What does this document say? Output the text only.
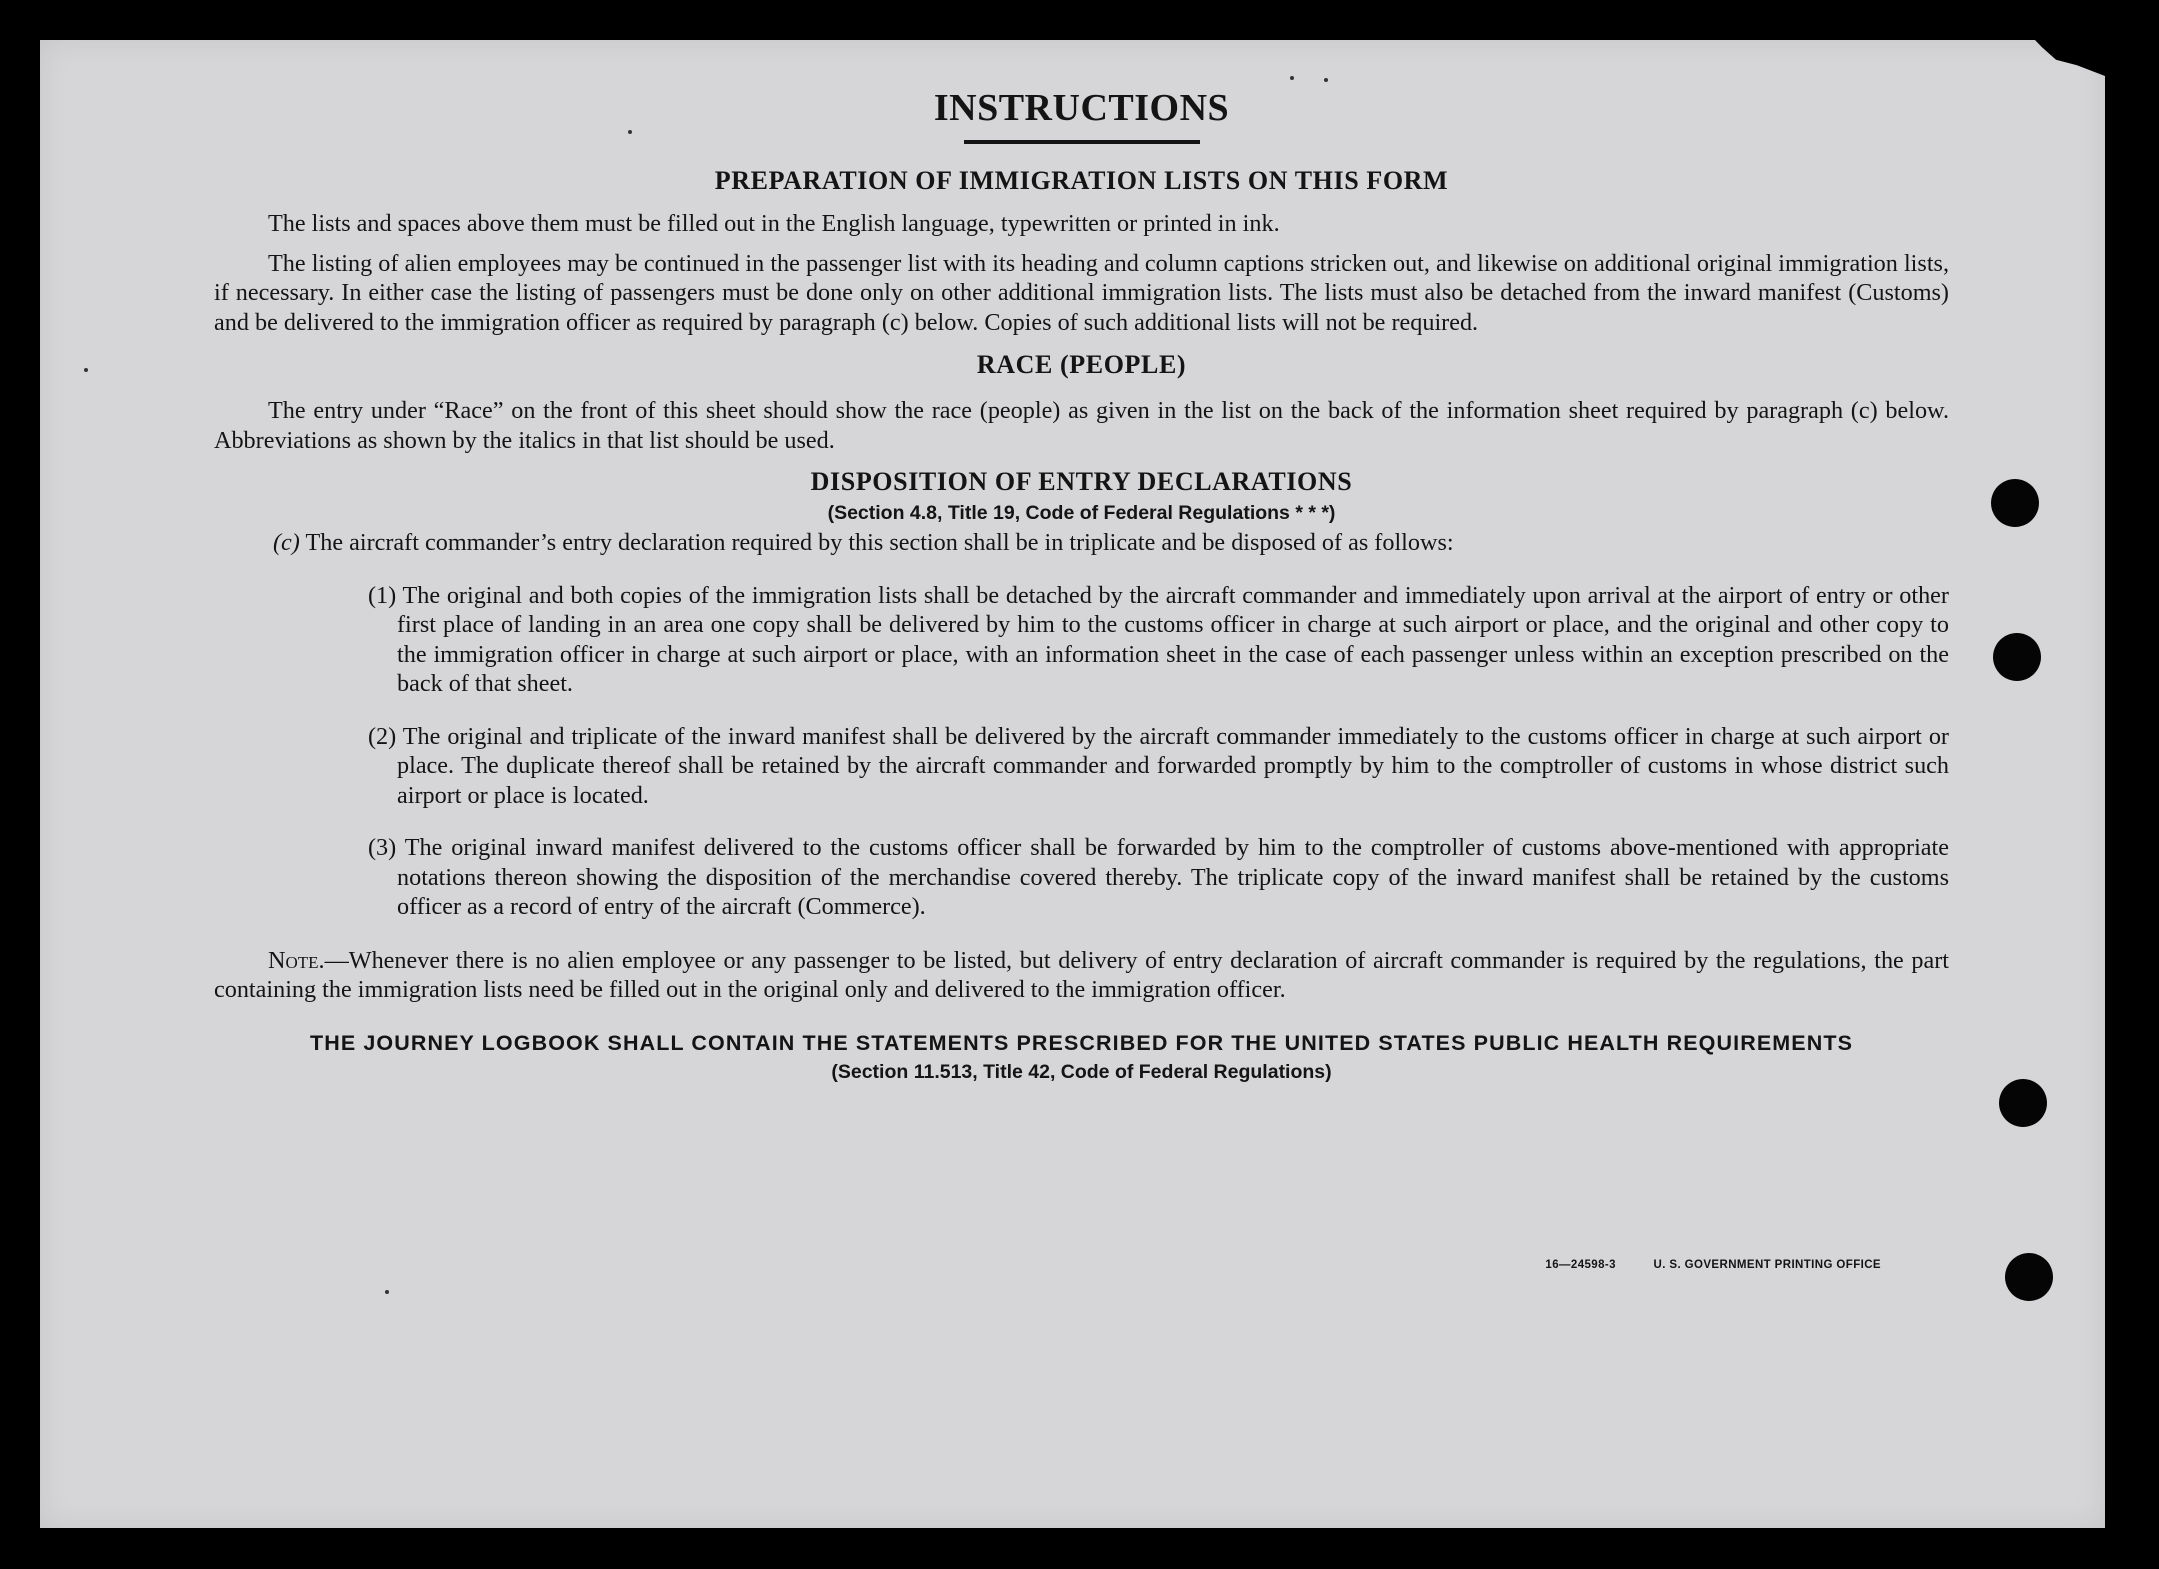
INSTRUCTIONS
PREPARATION OF IMMIGRATION LISTS ON THIS FORM

The lists and spaces above them must be filled out in the English language, typewritten or printed in ink.

The listing of alien employees may be continued in the passenger list with its heading and column captions stricken out, and likewise on additional original immigration lists, if necessary. In either case the listing of passengers must be done only on other additional immigration lists. The lists must also be detached from the inward manifest (Customs) and be delivered to the immigration officer as required by paragraph (c) below. Copies of such additional lists will not be required.

RACE (PEOPLE)

The entry under “Race” on the front of this sheet should show the race (people) as given in the list on the back of the information sheet required by paragraph (c) below. Abbreviations as shown by the italics in that list should be used.

DISPOSITION OF ENTRY DECLARATIONS

(Section 4.8, Title 19, Code of Federal Regulations * * *)

(c) The aircraft commander’s entry declaration required by this section shall be in triplicate and be disposed of as follows:

(1) The original and both copies of the immigration lists shall be detached by the aircraft commander and immediately upon arrival at the airport of entry or other first place of landing in an area one copy shall be delivered by him to the customs officer in charge at such airport or place, and the original and other copy to the immigration officer in charge at such airport or place, with an information sheet in the case of each passenger unless within an exception prescribed on the back of that sheet.

(2) The original and triplicate of the inward manifest shall be delivered by the aircraft commander immediately to the customs officer in charge at such airport or place. The duplicate thereof shall be retained by the aircraft commander and forwarded promptly by him to the comptroller of customs in whose district such airport or place is located.

(3) The original inward manifest delivered to the customs officer shall be forwarded by him to the comptroller of customs above-mentioned with appropriate notations thereon showing the disposition of the merchandise covered thereby. The triplicate copy of the inward manifest shall be retained by the customs officer as a record of entry of the aircraft (Commerce).

Note.—Whenever there is no alien employee or any passenger to be listed, but delivery of entry declaration of aircraft commander is required by the regulations, the part containing the immigration lists need be filled out in the original only and delivered to the immigration officer.

THE JOURNEY LOGBOOK SHALL CONTAIN THE STATEMENTS PRESCRIBED FOR THE UNITED STATES PUBLIC HEALTH REQUIREMENTS

(Section 11.513, Title 42, Code of Federal Regulations)

16—24598-3	U. S. GOVERNMENT PRINTING OFFICE
